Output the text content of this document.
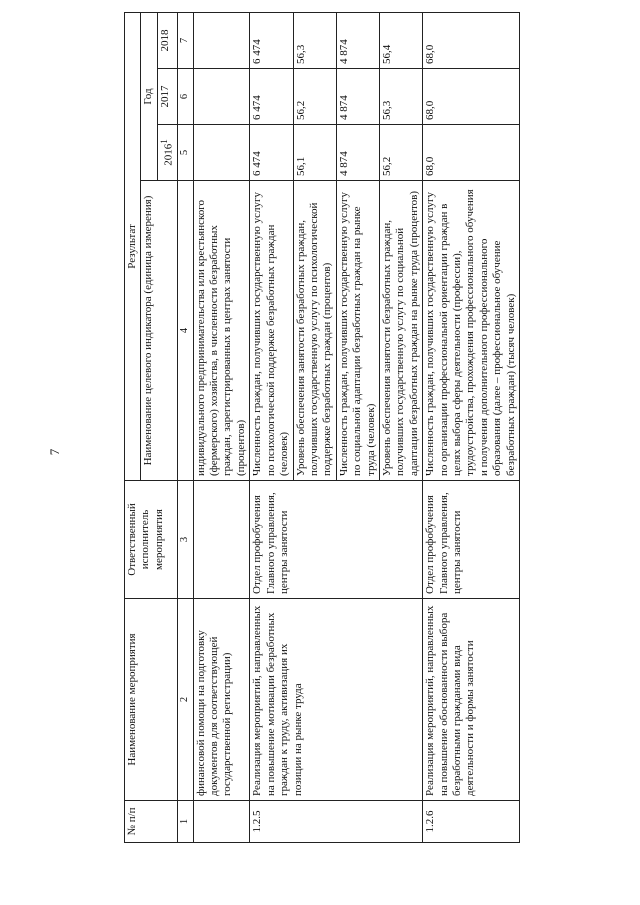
7
№ п/п	Наименование мероприятия	Ответственный исполнитель мероприятия	Результат			
			Наименование целевого индикатора (единица измерения)	Год		
				2016$^1$	2017	2018
1	2	3	4	5	6	7
	финансовой помощи на подготовку документов для соответствующей государственной регистрации)		индивидуального предпринимательства или крестьянского (фермерского) хозяйства, в численности безработных граждан, зарегистрированных в центрах занятости (процентов)			
1.2.5	Реализация мероприятий, направленных на повышение мотивации безработных граждан к труду, активизация их позиции на рынке труда	Отдел профобучения Главного управления, центры занятости	Численность граждан, получивших государственную услугу по психологической поддержке безработных граждан (человек)	6 474	6 474	6 474
			Уровень обеспечения занятости безработных граждан, получивших государственную услугу по психологической поддержке безработных граждан (процентов)	56,1	56,2	56,3
			Численность граждан, получивших государственную услугу по социальной адаптации безработных граждан на рынке труда (человек)	4 874	4 874	4 874
			Уровень обеспечения занятости безработных граждан, получивших государственную услугу по социальной адаптации безработных граждан на рынке труда (процентов)	56,2	56,3	56,4
1.2.6	Реализация мероприятий, направленных на повышение обоснованности выбора безработными гражданами вида деятельности и формы занятости	Отдел профобучения Главного управления, центры занятости	Численность граждан, получивших государственную услугу по организации профессиональной ориентации граждан в целях выбора сферы деятельности (профессии), трудоустройства, прохождения профессионального обучения и получения дополнительного профессионального образования (далее – профессиональное обучение безработных граждан) (тысяч человек)	68,0	68,0	68,0
